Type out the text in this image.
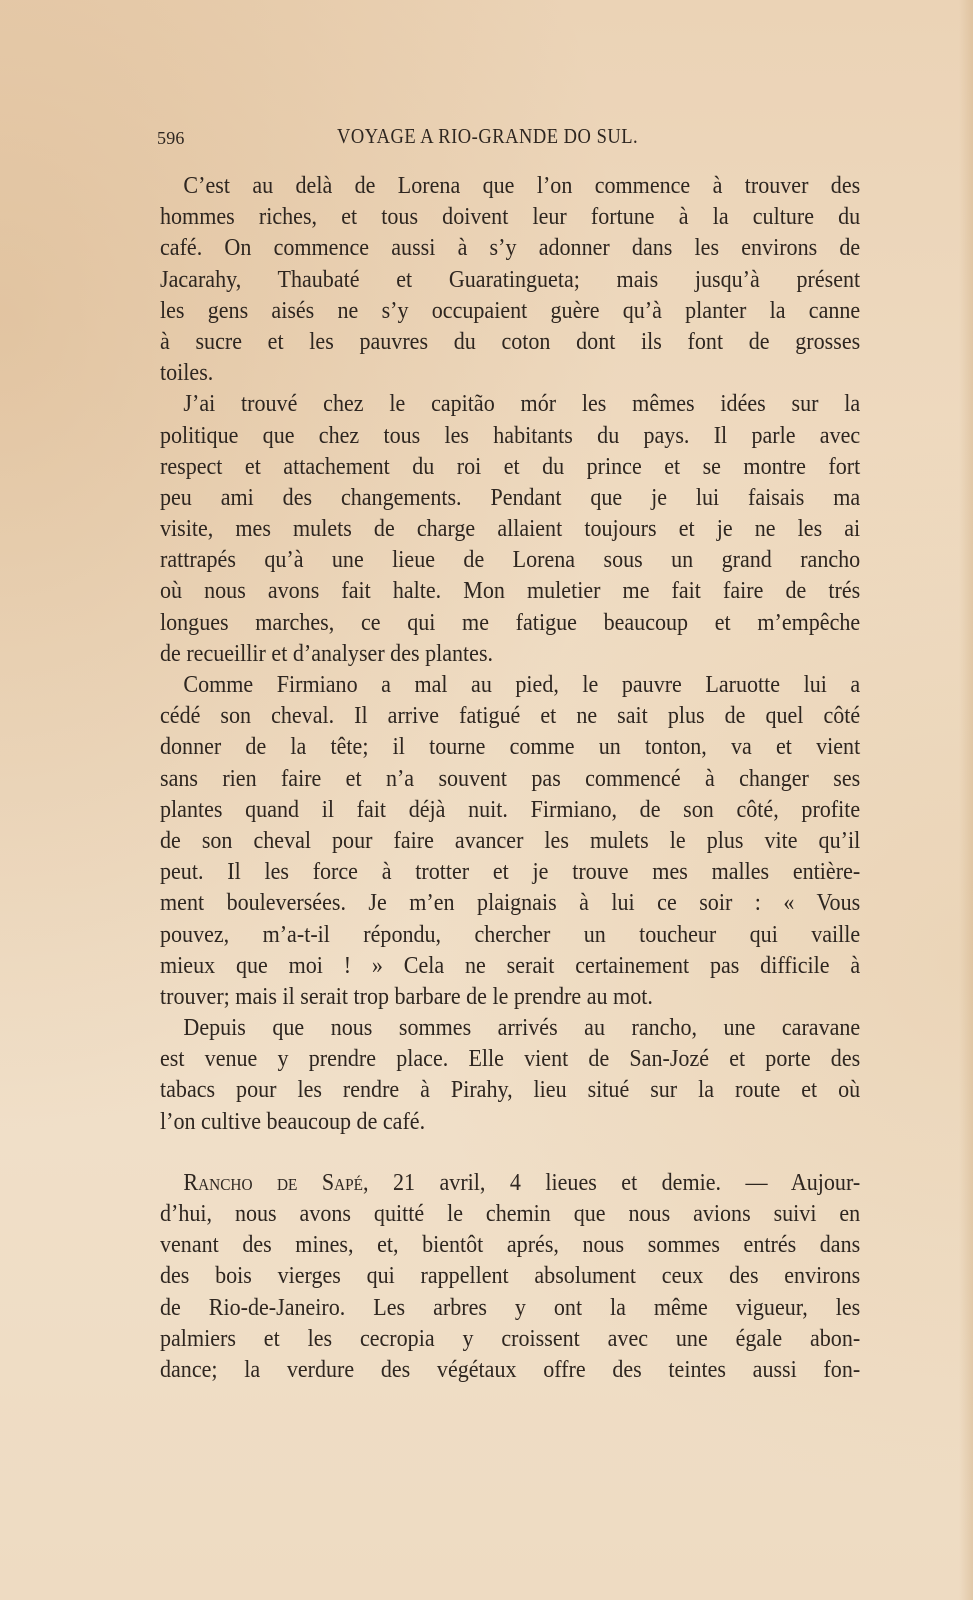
596	VOYAGE A RIO-GRANDE DO SUL.
C’est au delà de Lorena que l’on commence à trouver des
hommes riches, et tous doivent leur fortune à la culture du
café. On commence aussi à s’y adonner dans les environs de
Jacarahy, Thaubaté et Guaratingueta; mais jusqu’à présent
les gens aisés ne s’y occupaient guère qu’à planter la canne
à sucre et les pauvres du coton dont ils font de grosses
toiles.
J’ai trouvé chez le capitão mór les mêmes idées sur la
politique que chez tous les habitants du pays. Il parle avec
respect et attachement du roi et du prince et se montre fort
peu ami des changements. Pendant que je lui faisais ma
visite, mes mulets de charge allaient toujours et je ne les ai
rattrapés qu’à une lieue de Lorena sous un grand rancho
où nous avons fait halte. Mon muletier me fait faire de trés
longues marches, ce qui me fatigue beaucoup et m’empêche
de recueillir et d’analyser des plantes.
Comme Firmiano a mal au pied, le pauvre Laruotte lui a
cédé son cheval. Il arrive fatigué et ne sait plus de quel côté
donner de la tête; il tourne comme un tonton, va et vient
sans rien faire et n’a souvent pas commencé à changer ses
plantes quand il fait déjà nuit. Firmiano, de son côté, profite
de son cheval pour faire avancer les mulets le plus vite qu’il
peut. Il les force à trotter et je trouve mes malles entière-
ment bouleversées. Je m’en plaignais à lui ce soir : « Vous
pouvez, m’a-t-il répondu, chercher un toucheur qui vaille
mieux que moi ! » Cela ne serait certainement pas difficile à
trouver; mais il serait trop barbare de le prendre au mot.
Depuis que nous sommes arrivés au rancho, une caravane
est venue y prendre place. Elle vient de San-Jozé et porte des
tabacs pour les rendre à Pirahy, lieu situé sur la route et où
l’on cultive beaucoup de café.
Rancho de Sapé, 21 avril, 4 lieues et demie. — Aujour-
d’hui, nous avons quitté le chemin que nous avions suivi en
venant des mines, et, bientôt aprés, nous sommes entrés dans
des bois vierges qui rappellent absolument ceux des environs
de Rio-de-Janeiro. Les arbres y ont la même vigueur, les
palmiers et les cecropia y croissent avec une égale abon-
dance; la verdure des végétaux offre des teintes aussi fon-
